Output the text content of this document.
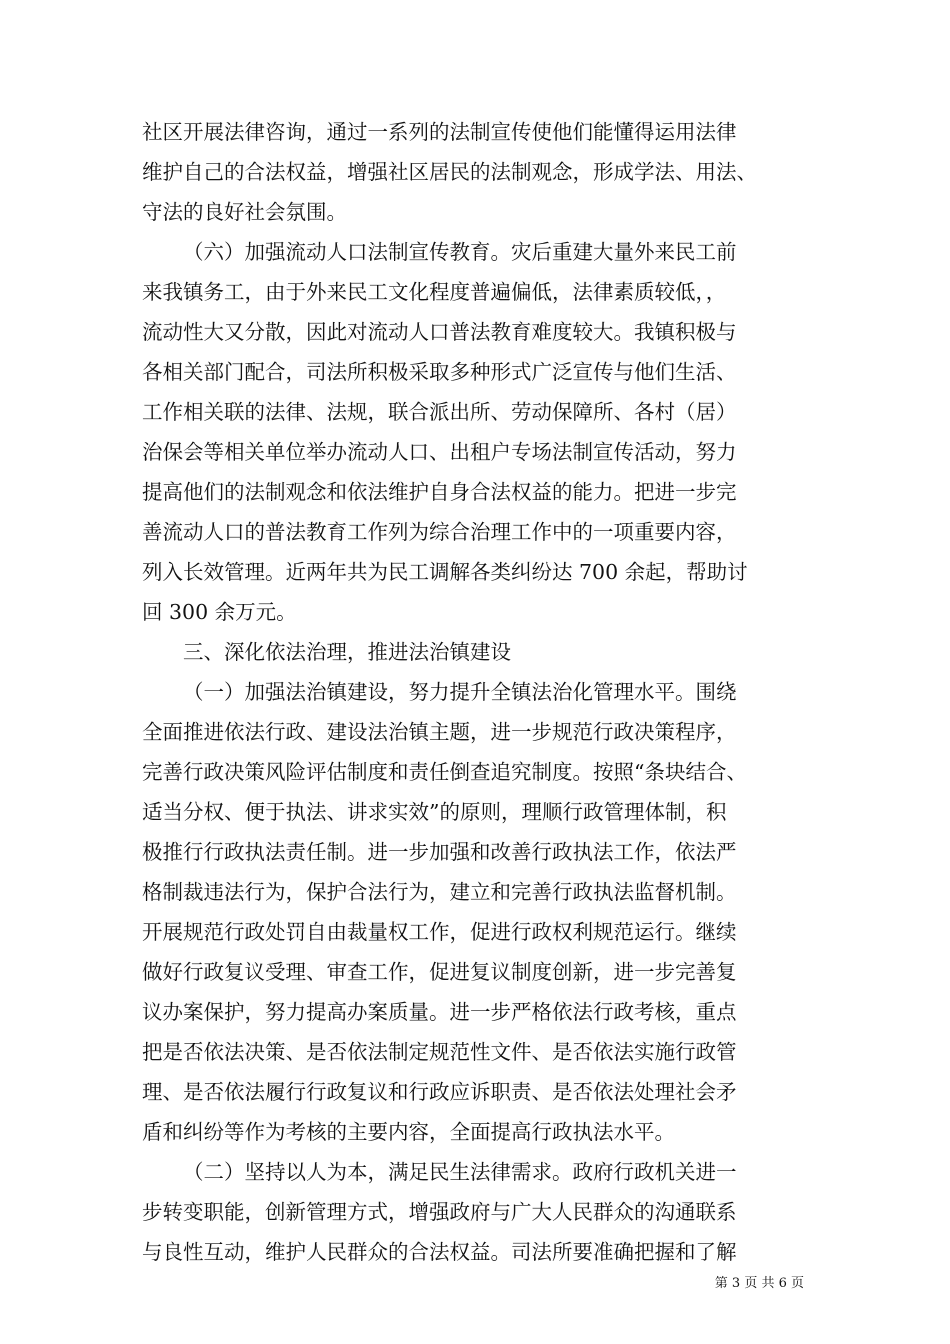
社区开展法律咨询，通过一系列的法制宣传使他们能懂得运用法律
维护自己的合法权益，增强社区居民的法制观念，形成学法、用法、
守法的良好社会氛围。
（六）加强流动人口法制宣传教育。灾后重建大量外来民工前
来我镇务工，由于外来民工文化程度普遍偏低，法律素质较低，，
流动性大又分散，因此对流动人口普法教育难度较大。我镇积极与
各相关部门配合，司法所积极采取多种形式广泛宣传与他们生活、
工作相关联的法律、法规，联合派出所、劳动保障所、各村（居）
治保会等相关单位举办流动人口、出租户专场法制宣传活动，努力
提高他们的法制观念和依法维护自身合法权益的能力。把进一步完
善流动人口的普法教育工作列为综合治理工作中的一项重要内容，
列入长效管理。近两年共为民工调解各类纠纷达 700 余起，帮助讨
回 300 余万元。
三、深化依法治理，推进法治镇建设
（一）加强法治镇建设，努力提升全镇法治化管理水平。围绕
全面推进依法行政、建设法治镇主题，进一步规范行政决策程序，
完善行政决策风险评估制度和责任倒查追究制度。按照“条块结合、
适当分权、便于执法、讲求实效”的原则，理顺行政管理体制，积
极推行行政执法责任制。进一步加强和改善行政执法工作，依法严
格制裁违法行为，保护合法行为，建立和完善行政执法监督机制。
开展规范行政处罚自由裁量权工作，促进行政权利规范运行。继续
做好行政复议受理、审查工作，促进复议制度创新，进一步完善复
议办案保护，努力提高办案质量。进一步严格依法行政考核，重点
把是否依法决策、是否依法制定规范性文件、是否依法实施行政管
理、是否依法履行行政复议和行政应诉职责、是否依法处理社会矛
盾和纠纷等作为考核的主要内容，全面提高行政执法水平。
（二）坚持以人为本，满足民生法律需求。政府行政机关进一
步转变职能，创新管理方式，增强政府与广大人民群众的沟通联系
与良性互动，维护人民群众的合法权益。司法所要准确把握和了解
第 3 页 共 6 页
